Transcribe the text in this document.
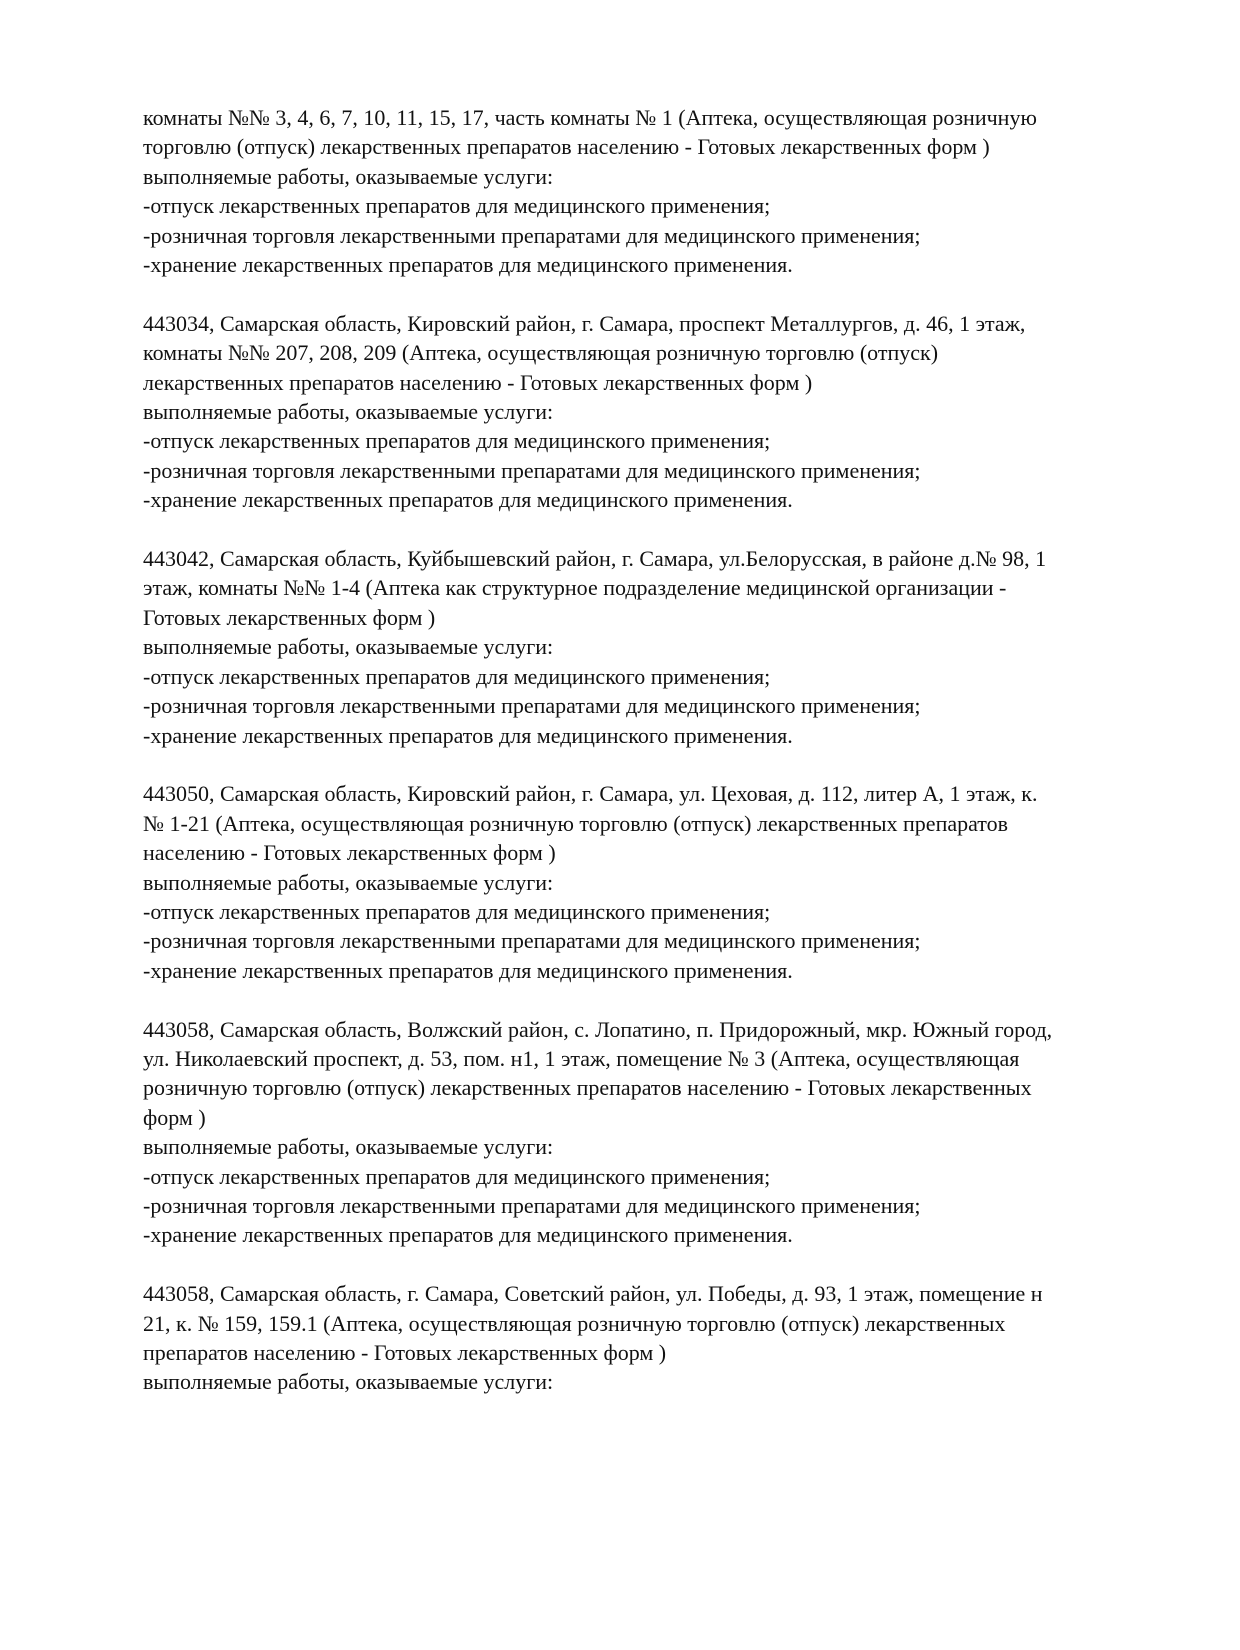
комнаты №№ 3, 4, 6, 7, 10, 11, 15, 17, часть комнаты № 1 (Аптека, осуществляющая розничную
торговлю (отпуск) лекарственных препаратов населению - Готовых лекарственных форм )
выполняемые работы, оказываемые услуги:
-отпуск лекарственных препаратов для медицинского применения;
-розничная торговля лекарственными препаратами для медицинского применения;
-хранение лекарственных препаратов для медицинского применения.
443034, Самарская область, Кировский район, г. Самара, проспект Металлургов, д. 46, 1 этаж,
комнаты №№ 207, 208, 209 (Аптека, осуществляющая розничную торговлю (отпуск)
лекарственных препаратов населению - Готовых лекарственных форм )
выполняемые работы, оказываемые услуги:
-отпуск лекарственных препаратов для медицинского применения;
-розничная торговля лекарственными препаратами для медицинского применения;
-хранение лекарственных препаратов для медицинского применения.
443042, Самарская область, Куйбышевский район, г. Самара, ул.Белорусская, в районе д.№ 98, 1
этаж, комнаты №№ 1-4 (Аптека как структурное подразделение медицинской организации -
Готовых лекарственных форм )
выполняемые работы, оказываемые услуги:
-отпуск лекарственных препаратов для медицинского применения;
-розничная торговля лекарственными препаратами для медицинского применения;
-хранение лекарственных препаратов для медицинского применения.
443050, Самарская область, Кировский район, г. Самара, ул. Цеховая, д. 112, литер А, 1 этаж, к.
№ 1-21 (Аптека, осуществляющая розничную торговлю (отпуск) лекарственных препаратов
населению - Готовых лекарственных форм )
выполняемые работы, оказываемые услуги:
-отпуск лекарственных препаратов для медицинского применения;
-розничная торговля лекарственными препаратами для медицинского применения;
-хранение лекарственных препаратов для медицинского применения.
443058, Самарская область, Волжский район, с. Лопатино, п. Придорожный, мкр. Южный город,
ул. Николаевский проспект, д. 53, пом. н1, 1 этаж, помещение № 3 (Аптека, осуществляющая
розничную торговлю (отпуск) лекарственных препаратов населению - Готовых лекарственных
форм )
выполняемые работы, оказываемые услуги:
-отпуск лекарственных препаратов для медицинского применения;
-розничная торговля лекарственными препаратами для медицинского применения;
-хранение лекарственных препаратов для медицинского применения.
443058, Самарская область, г. Самара, Советский район, ул. Победы, д. 93, 1 этаж, помещение н
21, к. № 159, 159.1 (Аптека, осуществляющая розничную торговлю (отпуск) лекарственных
препаратов населению - Готовых лекарственных форм )
выполняемые работы, оказываемые услуги:
